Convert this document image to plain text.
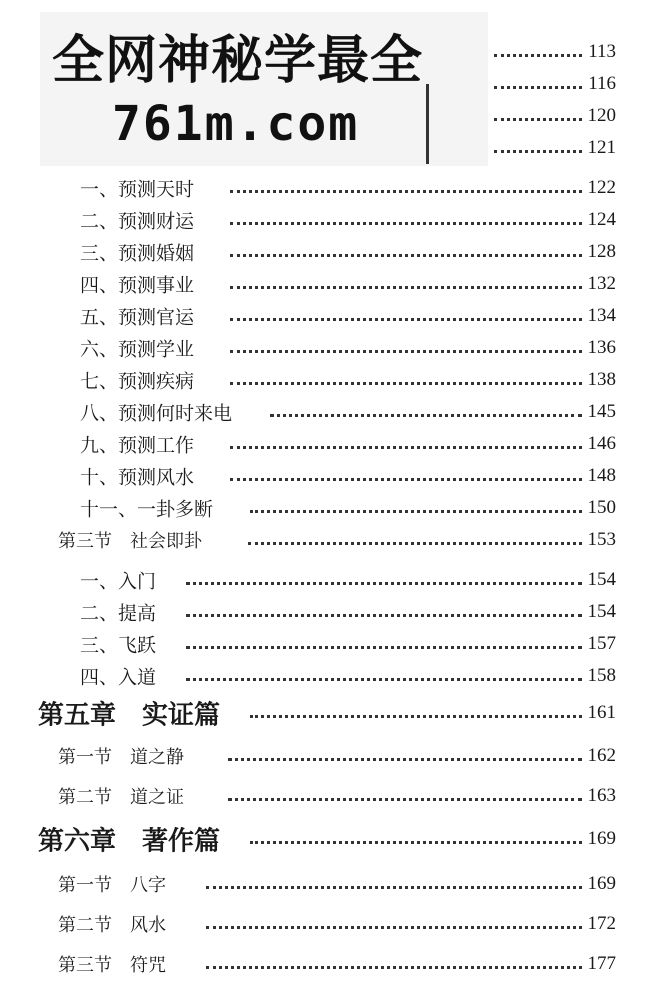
全网神秘学最全
761m.com
113
116
120
121
一、预测天时	122
二、预测财运	124
三、预测婚姻	128
四、预测事业	132
五、预测官运	134
六、预测学业	136
七、预测疾病	138
八、预测何时来电	145
九、预测工作	146
十、预测风水	148
十一、一卦多断	150
第三节　社会即卦	153
一、入门	154
二、提高	154
三、飞跃	157
四、入道	158
第五章　实证篇	161
第一节　道之静	162
第二节　道之证	163
第六章　著作篇	169
第一节　八字	169
第二节　风水	172
第三节　符咒	177
